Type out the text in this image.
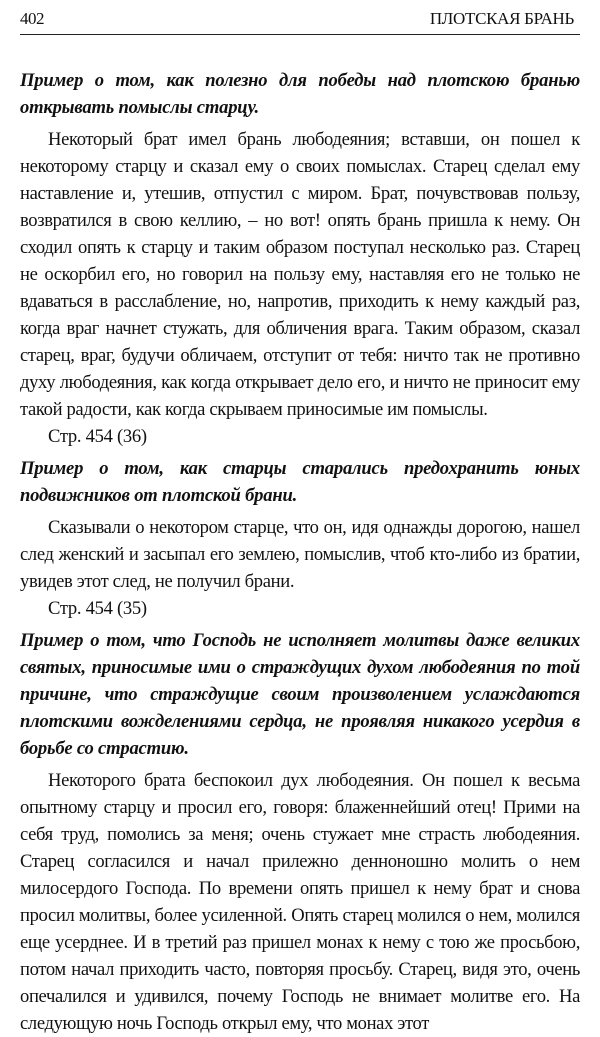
402	ПЛОТСКАЯ БРАНЬ

Пример о том, как полезно для победы над плотскою бранью открывать помыслы старцу.

Некоторый брат имел брань любодеяния; вставши, он пошел к некоторому старцу и сказал ему о своих помыслах. Старец сделал ему наставление и, утешив, отпустил с миром. Брат, почувствовав пользу, возвратился в свою келлию, – но вот! опять брань пришла к нему. Он сходил опять к старцу и таким образом поступал несколько раз. Старец не оскорбил его, но говорил на пользу ему, наставляя его не только не вдаваться в расслабление, но, напротив, приходить к нему каждый раз, когда враг начнет стужать, для обличения врага. Таким образом, сказал старец, враг, будучи обличаем, отступит от тебя: ничто так не противно духу любодеяния, как когда открывает дело его, и ничто не приносит ему такой радости, как когда скрываем приносимые им помыслы.

Стр. 454 (36)

Пример о том, как старцы старались предохранить юных подвижников от плотской брани.

Сказывали о некотором старце, что он, идя однажды дорогою, нашел след женский и засыпал его землею, помыслив, чтоб кто-либо из братии, увидев этот след, не получил брани.

Стр. 454 (35)

Пример о том, что Господь не исполняет молитвы даже великих святых, приносимые ими о страждущих духом любодеяния по той причине, что страждущие своим произволением услаждаются плотскими вожделениями сердца, не проявляя никакого усердия в борьбе со страстию.

Некоторого брата беспокоил дух любодеяния. Он пошел к весьма опытному старцу и просил его, говоря: блаженнейший отец! Прими на себя труд, помолись за меня; очень стужает мне страсть любодеяния. Старец согласился и начал прилежно денноношно молить о нем милосердого Господа. По времени опять пришел к нему брат и снова просил молитвы, более усиленной. Опять старец молился о нем, молился еще усерднее. И в третий раз пришел монах к нему с тою же просьбою, потом начал приходить часто, повторяя просьбу. Старец, видя это, очень опечалился и удивился, почему Господь не внимает молитве его. На следующую ночь Господь открыл ему, что монах этот
